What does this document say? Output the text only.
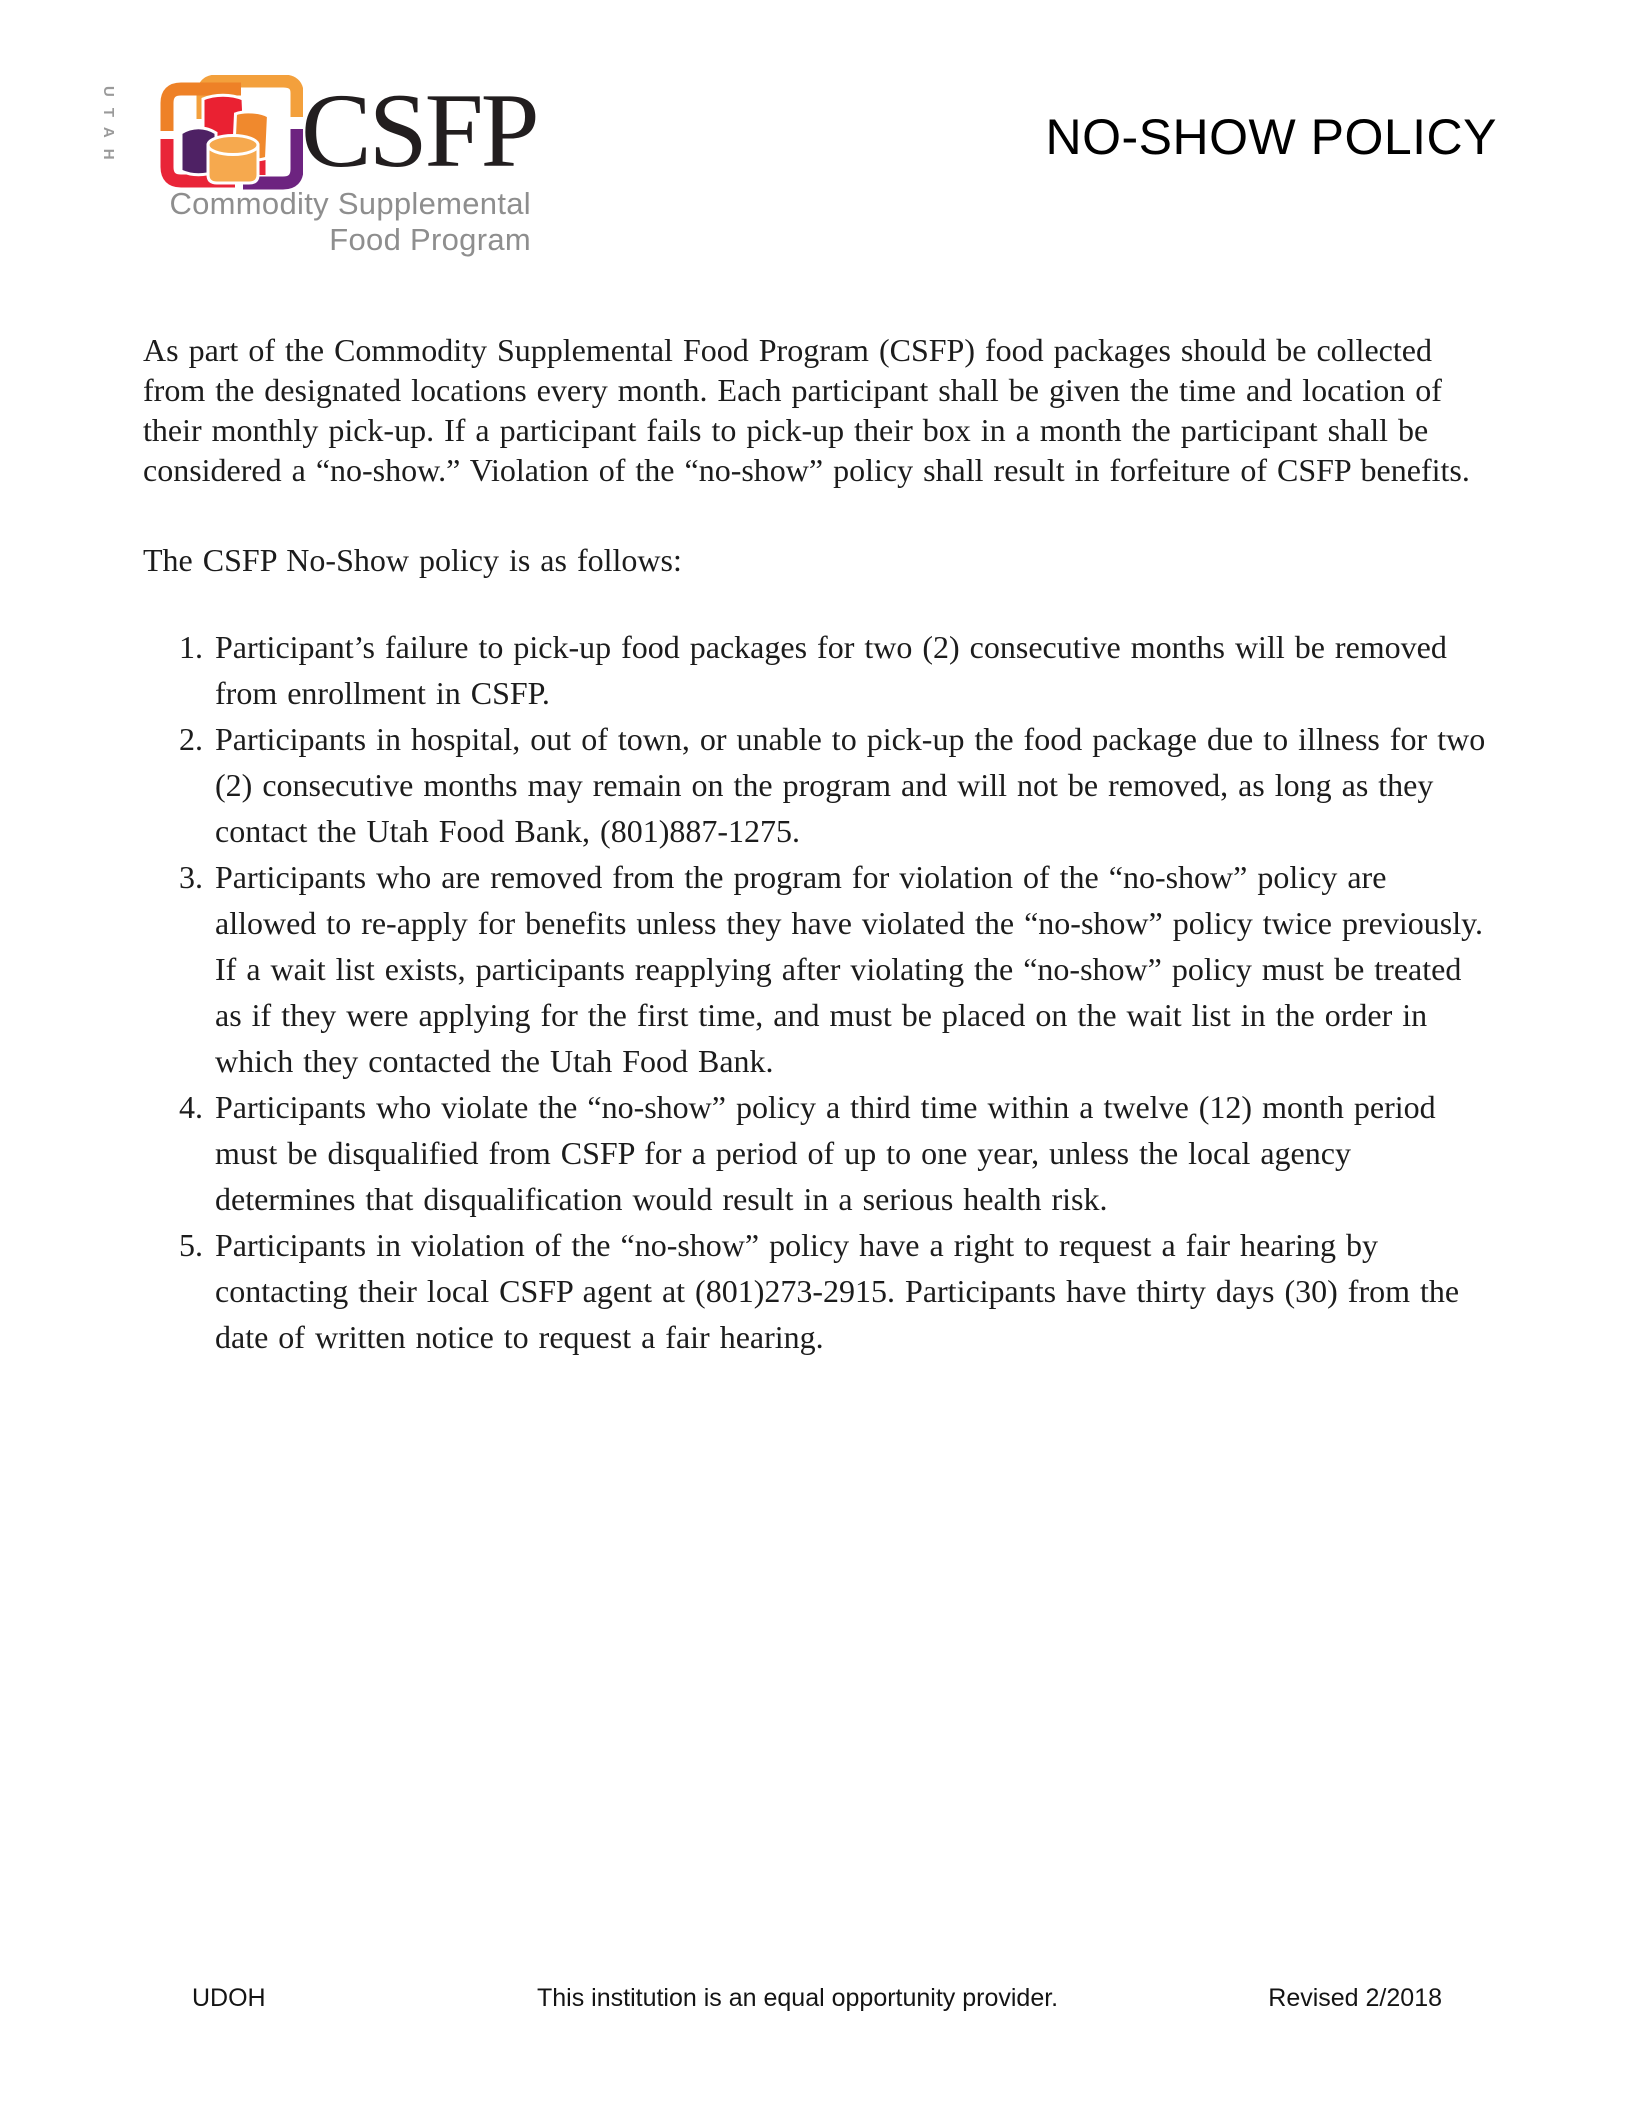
UTAH CSFP
Commodity Supplemental
Food Program
NO-SHOW POLICY

As part of the Commodity Supplemental Food Program (CSFP) food packages should be collected from the designated locations every month. Each participant shall be given the time and location of their monthly pick-up. If a participant fails to pick-up their box in a month the participant shall be considered a “no-show.” Violation of the “no-show” policy shall result in forfeiture of CSFP benefits.

The CSFP No-Show policy is as follows:

1. Participant’s failure to pick-up food packages for two (2) consecutive months will be removed from enrollment in CSFP.
2. Participants in hospital, out of town, or unable to pick-up the food package due to illness for two (2) consecutive months may remain on the program and will not be removed, as long as they contact the Utah Food Bank, (801)887-1275.
3. Participants who are removed from the program for violation of the “no-show” policy are allowed to re-apply for benefits unless they have violated the “no-show” policy twice previously. If a wait list exists, participants reapplying after violating the “no-show” policy must be treated as if they were applying for the first time, and must be placed on the wait list in the order in which they contacted the Utah Food Bank.
4. Participants who violate the “no-show” policy a third time within a twelve (12) month period must be disqualified from CSFP for a period of up to one year, unless the local agency determines that disqualification would result in a serious health risk.
5. Participants in violation of the “no-show” policy have a right to request a fair hearing by contacting their local CSFP agent at (801)273-2915. Participants have thirty days (30) from the date of written notice to request a fair hearing.
UDOH	This institution is an equal opportunity provider.	Revised 2/2018
